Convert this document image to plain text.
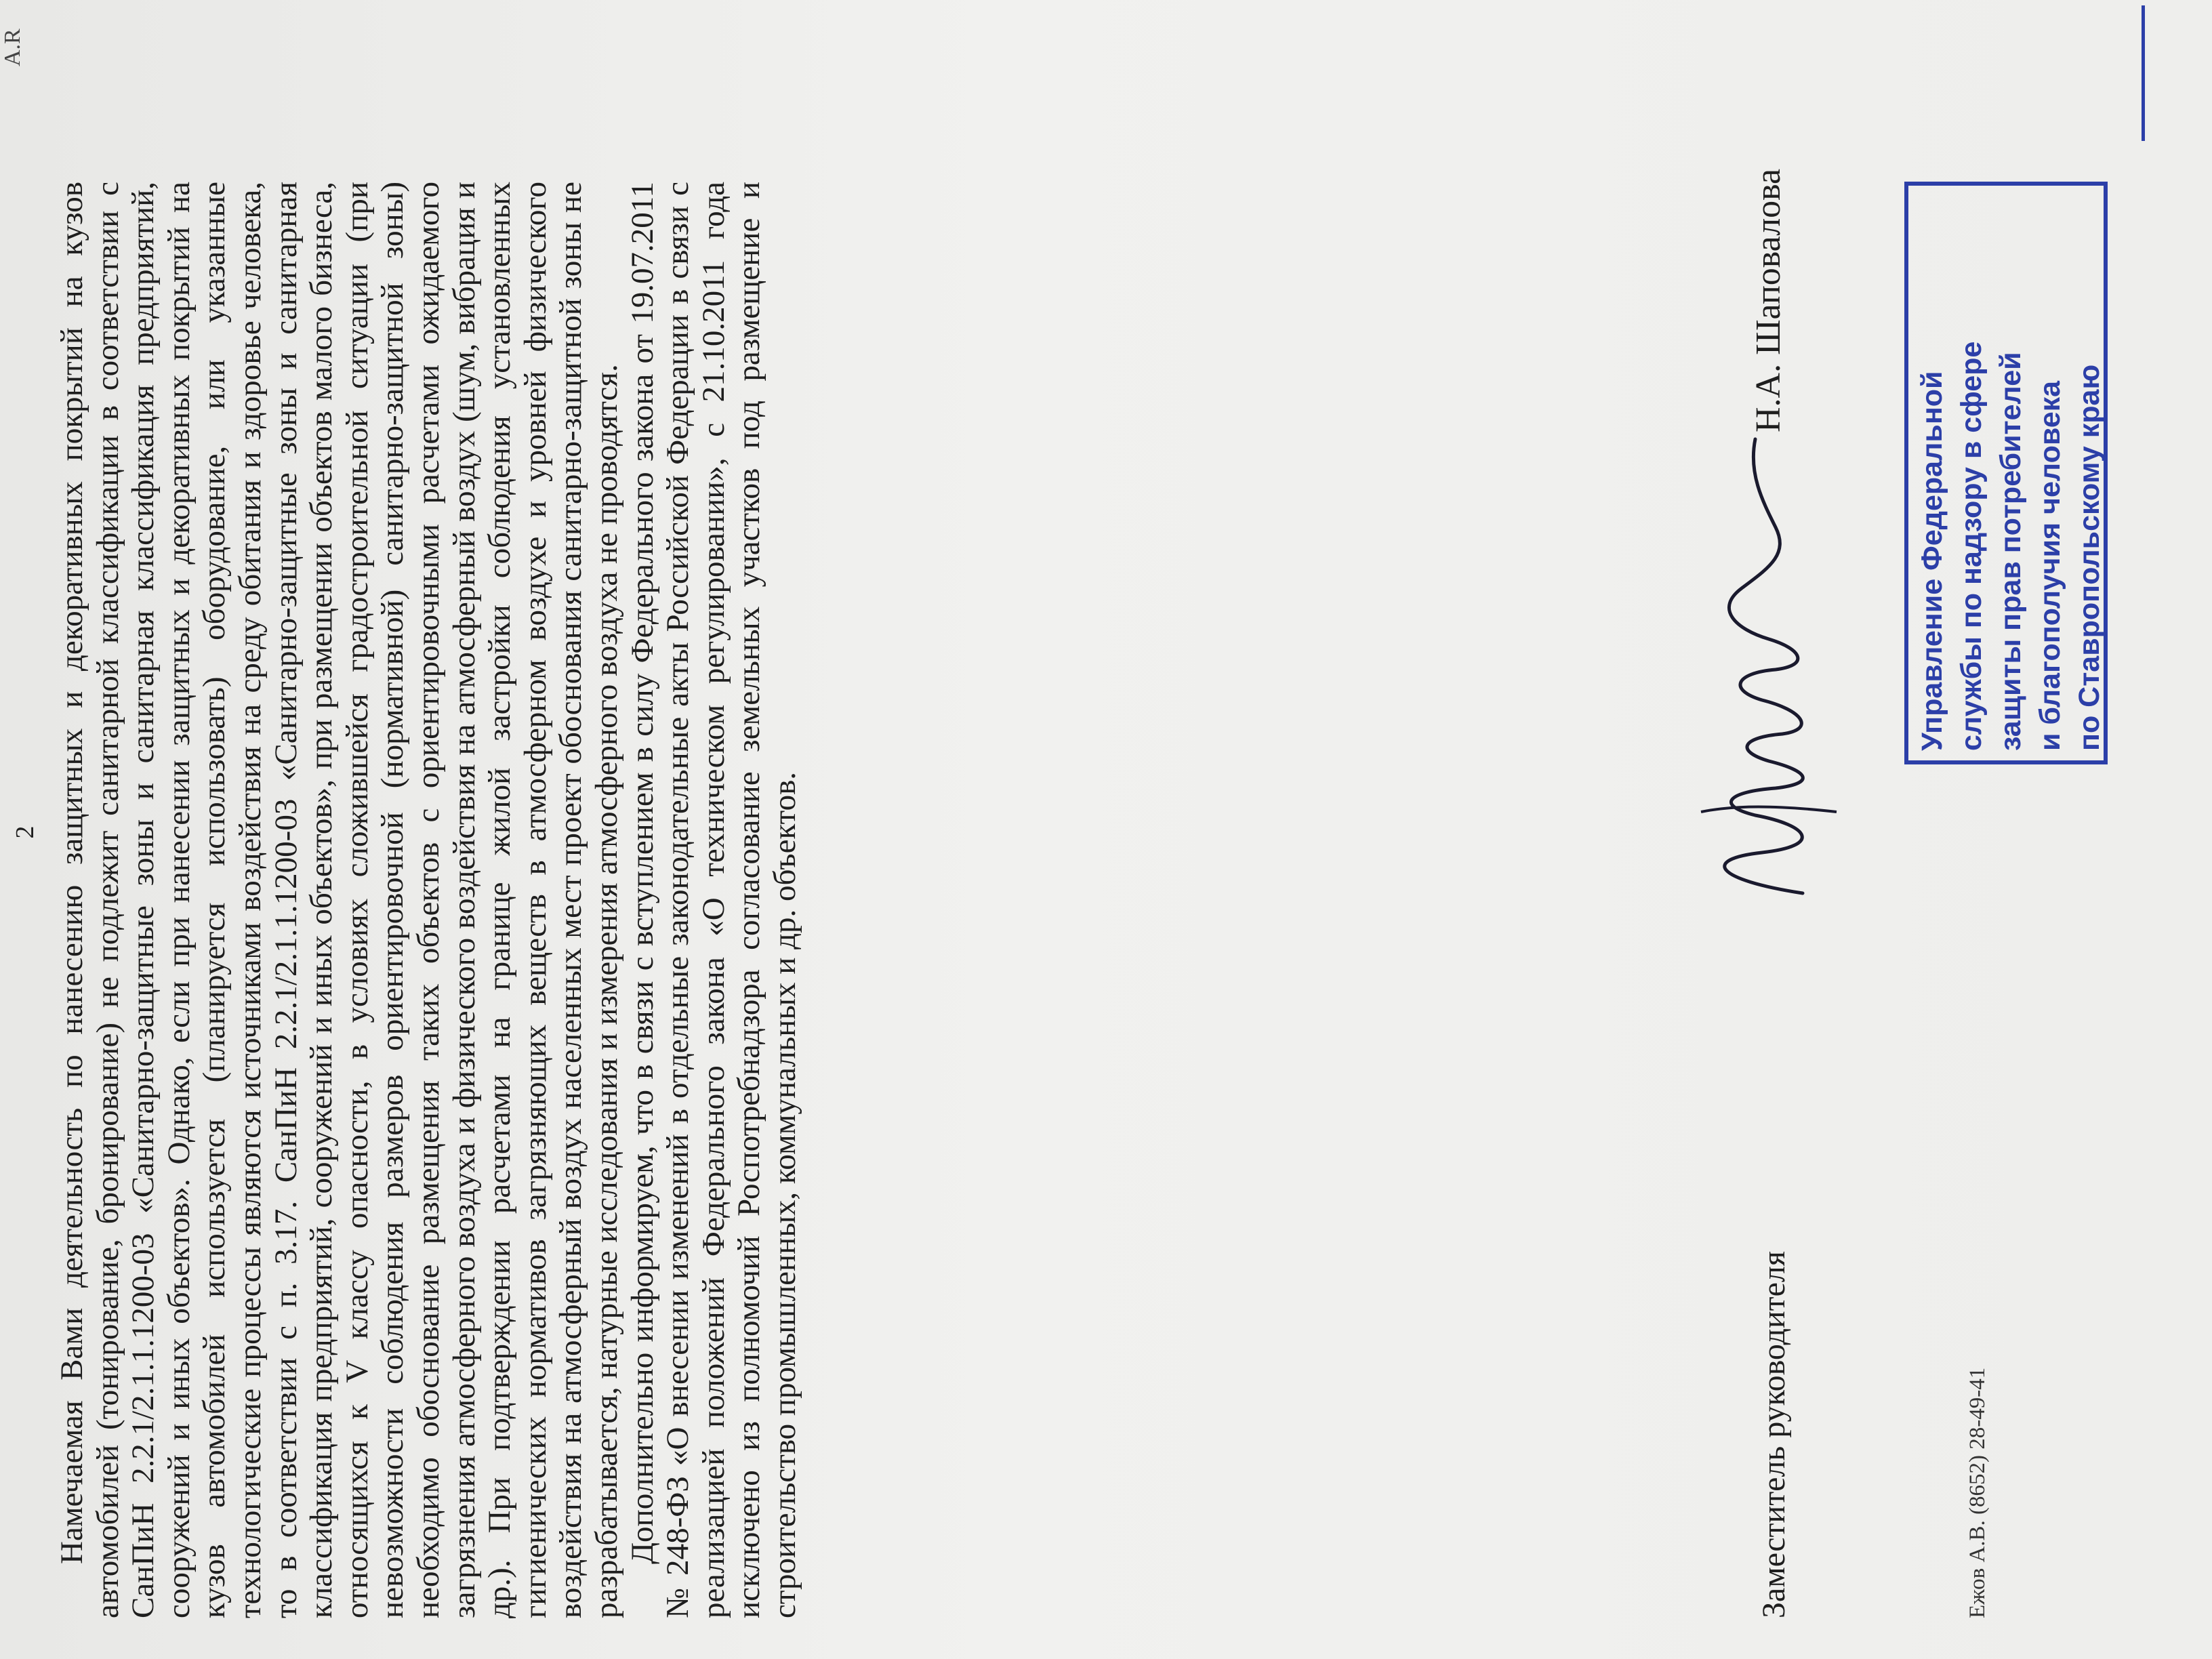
2
A.R

Намечаемая Вами деятельность по нанесению защитных и декоративных покрытий на кузов автомобилей (тонирование, бронирование) не подлежит санитарной классификации в соответствии с СанПиН 2.2.1/2.1.1.1200-03 «Санитарно-защитные зоны и санитарная классификация предприятий, сооружений и иных объектов». Однако, если при нанесении защитных и декоративных покрытий на кузов автомобилей используется (планируется использовать) оборудование, или указанные технологические процессы являются источниками воздействия на среду обитания и здоровье человека, то в соответствии с п. 3.17. СанПиН 2.2.1/2.1.1.1200-03 «Санитарно-защитные зоны и санитарная классификация предприятий, сооружений и иных объектов», при размещении объектов малого бизнеса, относящихся к V классу опасности, в условиях сложившейся градостроительной ситуации (при невозможности соблюдения размеров ориентировочной (нормативной) санитарно-защитной зоны) необходимо обоснование размещения таких объектов с ориентировочными расчетами ожидаемого загрязнения атмосферного воздуха и физического воздействия на атмосферный воздух (шум, вибрация и др.). При подтверждении расчетами на границе жилой застройки соблюдения установленных гигиенических нормативов загрязняющих веществ в атмосферном воздухе и уровней физического воздействия на атмосферный воздух населенных мест проект обоснования санитарно-защитной зоны не разрабатывается, натурные исследования и измерения атмосферного воздуха не проводятся. Дополнительно информируем, что в связи с вступлением в силу Федерального закона от 19.07.2011 № 248-ФЗ «О внесении изменений в отдельные законодательные акты Российской Федерации в связи с реализацией положений Федерального закона «О техническом регулировании», с 21.10.2011 года исключено из полномочий Роспотребнадзора согласование земельных участков под размещение и строительство промышленных, коммунальных и др. объектов.	Заместитель руководителя
Н.А. Шаповалова
Управление Федеральной службы по надзору в сфере защиты прав потребителей и благополучия человека по Ставропольскому краю
Ежов А.В. (8652) 28-49-41
